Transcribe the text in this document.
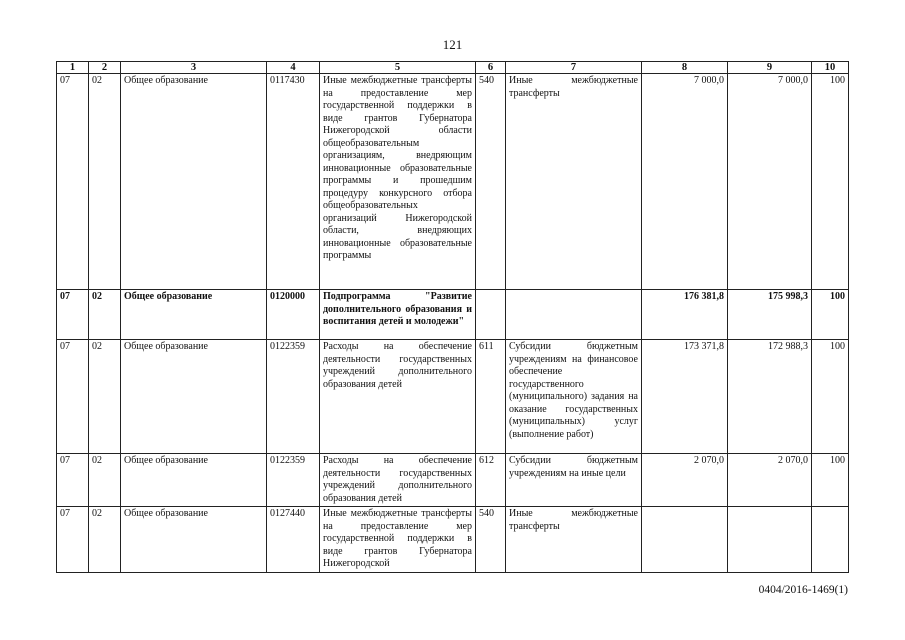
121
1	2	3	4	5	6	7	8	9	10
07	02	Общее образование	0117430	Иные межбюджетные трансферты на предоставление мер государственной поддержки в виде грантов Губернатора Нижегородской области общеобразовательным организациям, внедряющим инновационные образовательные программы и прошедшим процедуру конкурсного отбора общеобразовательных организаций Нижегородской области, внедряющих инновационные образовательные программы	540	Иные межбюджетные трансферты	7 000,0	7 000,0	100
07	02	Общее образование	0120000	Подпрограмма "Развитие дополнительного образования и воспитания детей и молодежи"			176 381,8	175 998,3	100
07	02	Общее образование	0122359	Расходы на обеспечение деятельности государственных учреждений дополнительного образования детей	611	Субсидии бюджетным учреждениям на финансовое обеспечение государственного (муниципального) задания на оказание государственных (муниципальных) услуг (выполнение работ)	173 371,8	172 988,3	100
07	02	Общее образование	0122359	Расходы на обеспечение деятельности государственных учреждений дополнительного образования детей	612	Субсидии бюджетным учреждениям на иные цели	2 070,0	2 070,0	100
07	02	Общее образование	0127440	Иные межбюджетные трансферты на предоставление мер государственной поддержки в виде грантов Губернатора Нижегородской	540	Иные межбюджетные трансферты			
0404/2016-1469(1)
